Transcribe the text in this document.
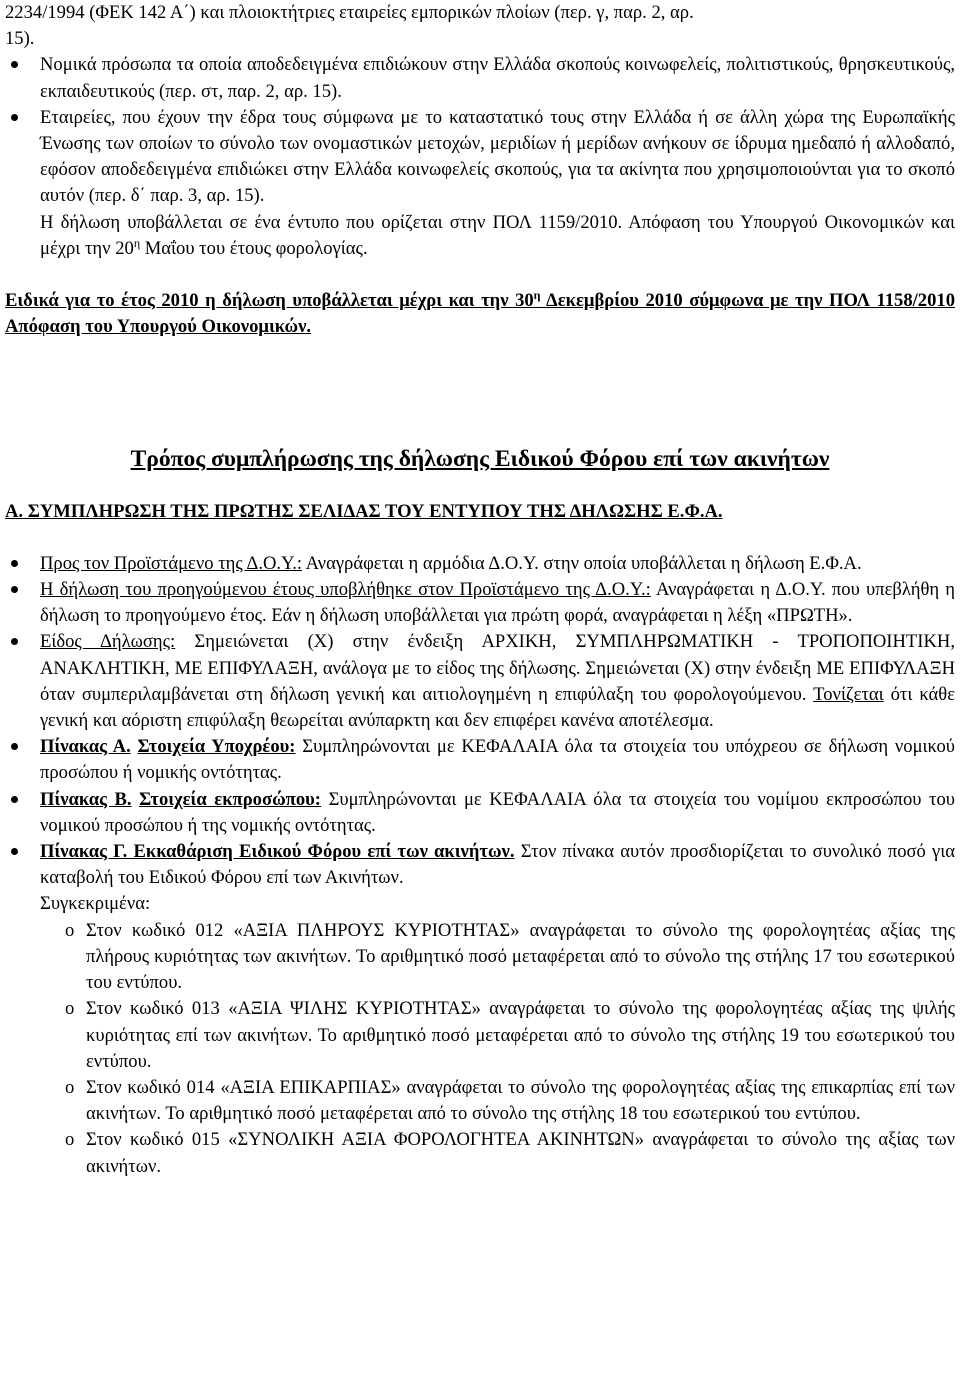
2234/1994 (ΦΕΚ 142 Α΄) και πλοιοκτήτριες εταιρείες εμπορικών πλοίων (περ. γ, παρ. 2, αρ.
15).

Νομικά πρόσωπα τα οποία αποδεδειγμένα επιδιώκουν στην Ελλάδα σκοπούς κοινωφελείς, πολιτιστικούς, θρησκευτικούς, εκπαιδευτικούς (περ. στ, παρ. 2, αρ. 15).

Εταιρείες, που έχουν την έδρα τους σύμφωνα με το καταστατικό τους στην Ελλάδα ή σε άλλη χώρα της Ευρωπαϊκής Ένωσης των οποίων το σύνολο των ονομαστικών μετοχών, μεριδίων ή μερίδων ανήκουν σε ίδρυμα ημεδαπό ή αλλοδαπό, εφόσον αποδεδειγμένα επιδιώκει στην Ελλάδα κοινωφελείς σκοπούς, για τα ακίνητα που χρησιμοποιούνται για το σκοπό αυτόν (περ. δ΄ παρ. 3, αρ. 15).

Η δήλωση υποβάλλεται σε ένα έντυπο που ορίζεται στην ΠΟΛ 1159/2010. Απόφαση του Υπουργού Οικονομικών και μέχρι την $20^\eta$ Μαΐου του έτους φορολογίας.

Ειδικά για το έτος 2010 η δήλωση υποβάλλεται μέχρι και την $30^\eta$ Δεκεμβρίου 2010 σύμφωνα με την ΠΟΛ 1158/2010 Απόφαση του Υπουργού Οικονομικών.

Τρόπος συμπλήρωσης της δήλωσης Ειδικού Φόρου επί των ακινήτων

Α. ΣΥΜΠΛΗΡΩΣΗ ΤΗΣ ΠΡΩΤΗΣ ΣΕΛΙΔΑΣ ΤΟΥ ΕΝΤΥΠΟΥ ΤΗΣ ΔΗΛΩΣΗΣ Ε.Φ.Α.

Προς τον Προϊστάμενο της Δ.Ο.Υ.: Αναγράφεται η αρμόδια Δ.Ο.Υ. στην οποία υποβάλλεται η δήλωση Ε.Φ.Α.

Η δήλωση του προηγούμενου έτους υποβλήθηκε στον Προϊστάμενο της Δ.Ο.Υ.: Αναγράφεται η Δ.Ο.Υ. που υπεβλήθη η δήλωση το προηγούμενο έτος. Εάν η δήλωση υποβάλλεται για πρώτη φορά, αναγράφεται η λέξη «ΠΡΩΤΗ».

Είδος Δήλωσης: Σημειώνεται (Χ) στην ένδειξη ΑΡΧΙΚΗ, ΣΥΜΠΛΗΡΩΜΑΤΙΚΗ - ΤΡΟΠΟΠΟΙΗΤΙΚΗ, ΑΝΑΚΛΗΤΙΚΗ, ΜΕ ΕΠΙΦΥΛΑΞΗ, ανάλογα με το είδος της δήλωσης. Σημειώνεται (Χ) στην ένδειξη ΜΕ ΕΠΙΦΥΛΑΞΗ όταν συμπεριλαμβάνεται στη δήλωση γενική και αιτιολογημένη η επιφύλαξη του φορολογούμενου. Τονίζεται ότι κάθε γενική και αόριστη επιφύλαξη θεωρείται ανύπαρκτη και δεν επιφέρει κανένα αποτέλεσμα.

Πίνακας Α. Στοιχεία Υποχρέου: Συμπληρώνονται με ΚΕΦΑΛΑΙΑ όλα τα στοιχεία του υπόχρεου σε δήλωση νομικού προσώπου ή νομικής οντότητας.

Πίνακας Β. Στοιχεία εκπροσώπου: Συμπληρώνονται με ΚΕΦΑΛΑΙΑ όλα τα στοιχεία του νομίμου εκπροσώπου του νομικού προσώπου ή της νομικής οντότητας.

Πίνακας Γ. Εκκαθάριση Ειδικού Φόρου επί των ακινήτων. Στον πίνακα αυτόν προσδιορίζεται το συνολικό ποσό για καταβολή του Ειδικού Φόρου επί των Ακινήτων.
Συγκεκριμένα:

o Στον κωδικό 012 «ΑΞΙΑ ΠΛΗΡΟΥΣ ΚΥΡΙΟΤΗΤΑΣ» αναγράφεται το σύνολο της φορολογητέας αξίας της πλήρους κυριότητας των ακινήτων. Το αριθμητικό ποσό μεταφέρεται από το σύνολο της στήλης 17 του εσωτερικού του εντύπου.

o Στον κωδικό 013 «ΑΞΙΑ ΨΙΛΗΣ ΚΥΡΙΟΤΗΤΑΣ» αναγράφεται το σύνολο της φορολογητέας αξίας της ψιλής κυριότητας επί των ακινήτων. Το αριθμητικό ποσό μεταφέρεται από το σύνολο της στήλης 19 του εσωτερικού του εντύπου.

o Στον κωδικό 014 «ΑΞΙΑ ΕΠΙΚΑΡΠΙΑΣ» αναγράφεται το σύνολο της φορολογητέας αξίας της επικαρπίας επί των ακινήτων. Το αριθμητικό ποσό μεταφέρεται από το σύνολο της στήλης 18 του εσωτερικού του εντύπου.

o Στον κωδικό 015 «ΣΥΝΟΛΙΚΗ ΑΞΙΑ ΦΟΡΟΛΟΓΗΤΕΑ ΑΚΙΝΗΤΩΝ» αναγράφεται το σύνολο της αξίας των ακινήτων.
